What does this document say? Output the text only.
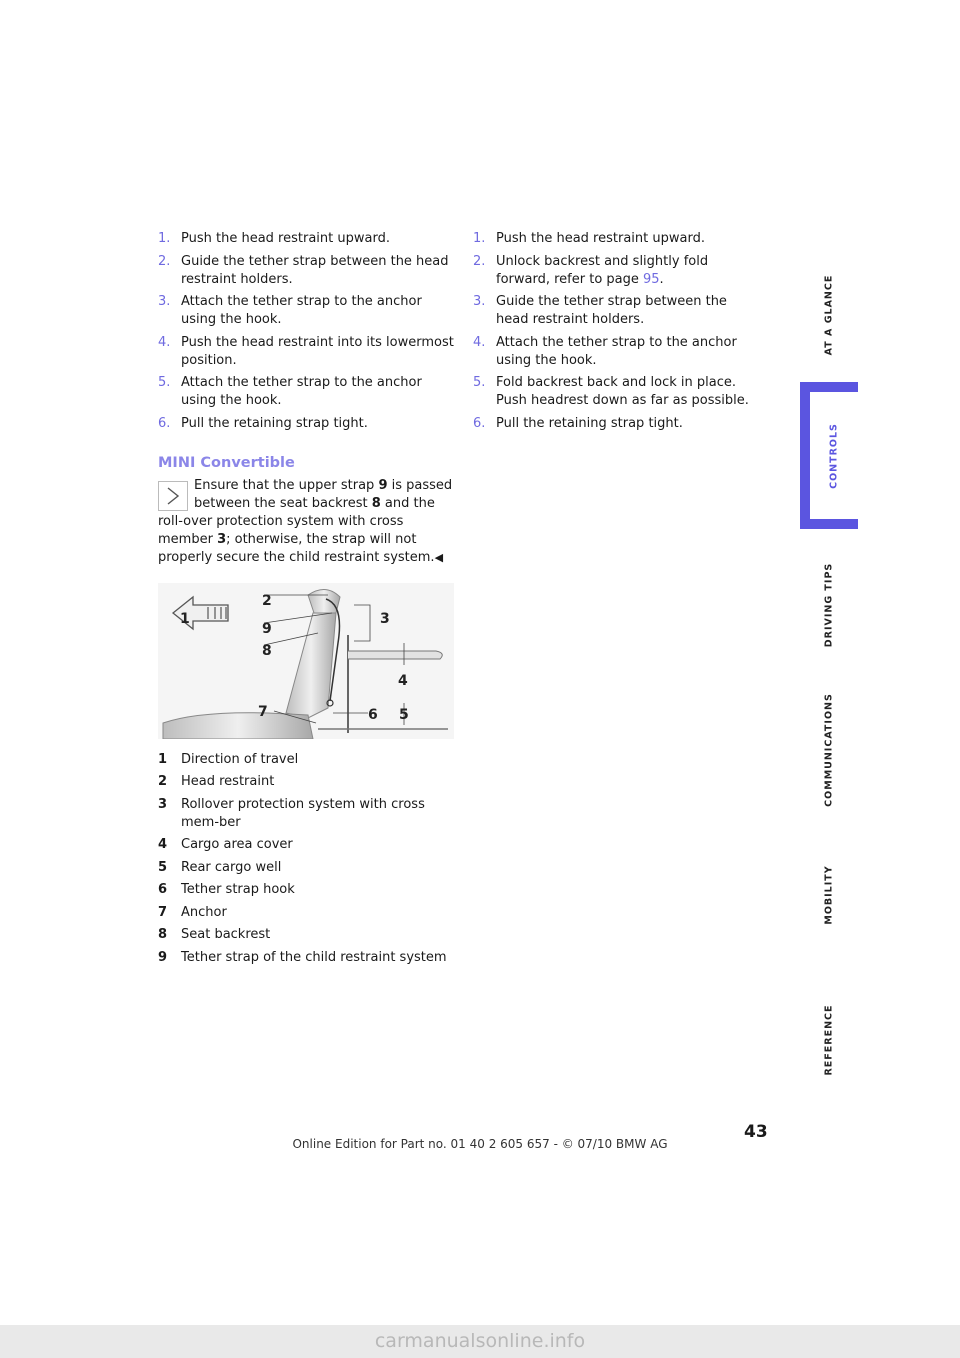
1. Push the head restraint upward.
2. Guide the tether strap between the head restraint holders.
3. Attach the tether strap to the anchor using the hook.
4. Push the head restraint into its lowermost position.
5. Attach the tether strap to the anchor using the hook.
6. Pull the retaining strap tight.
MINI Convertible
Ensure that the upper strap 9 is passed between the seat backrest 8 and the roll-over protection system with cross member 3; otherwise, the strap will not properly secure the child restraint system.◀
1
2
9
8
3
4
7	6 5
1 Direction of travel
2 Head restraint
3 Rollover protection system with cross mem-ber
4 Cargo area cover
5 Rear cargo well
6 Tether strap hook
7 Anchor
8 Seat backrest
9 Tether strap of the child restraint system
1. Push the head restraint upward.
2. Unlock backrest and slightly fold forward, refer to page 95.
3. Guide the tether strap between the head restraint holders.
4. Attach the tether strap to the anchor using the hook.
5. Fold backrest back and lock in place. Push headrest down as far as possible.
6. Pull the retaining strap tight.
AT A GLANCE
CONTROLS
DRIVING TIPS
COMMUNICATIONS
MOBILITY
REFERENCE
43
Online Edition for Part no. 01 40 2 605 657 - © 07/10 BMW AG
carmanualsonline.info
